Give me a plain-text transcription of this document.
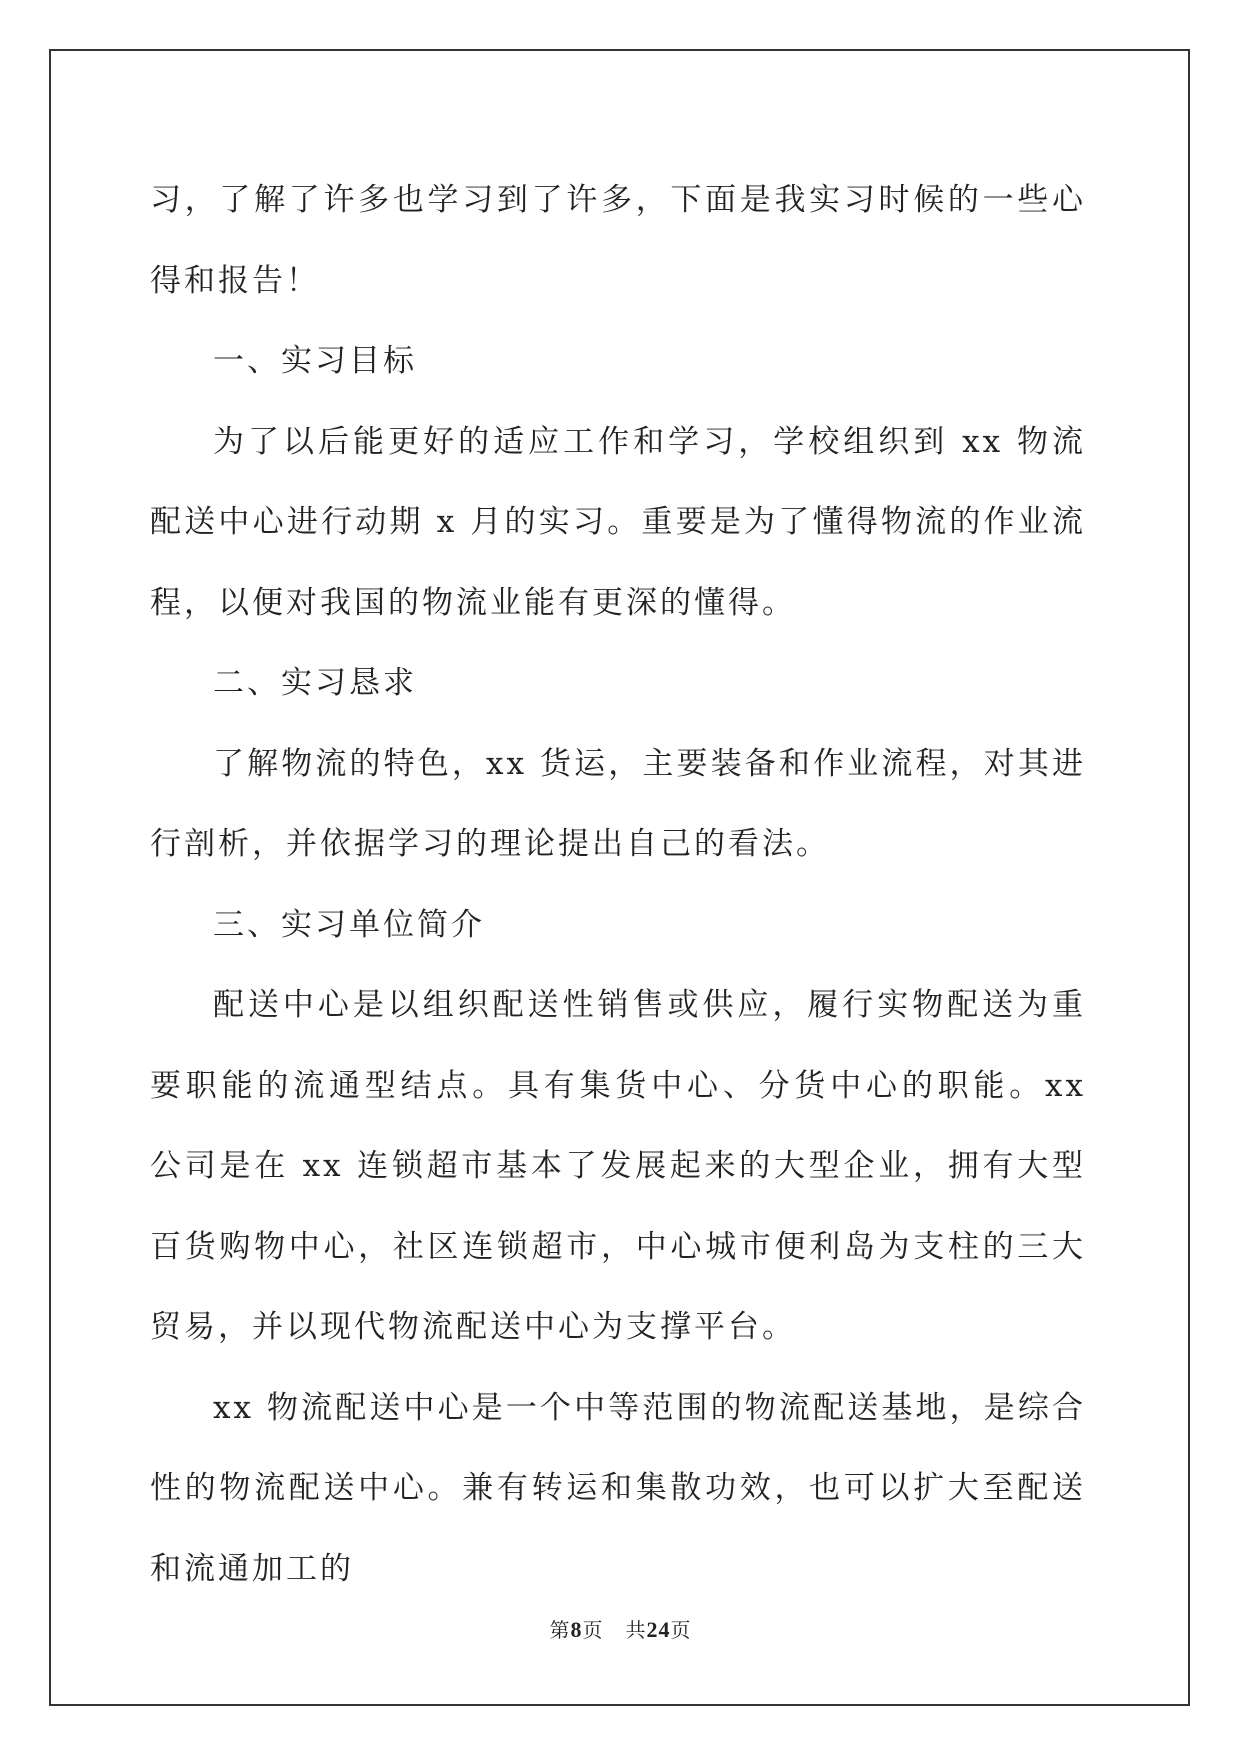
习，了解了许多也学习到了许多，下面是我实习时候的一些心得和报告！

一、实习目标

为了以后能更好的适应工作和学习，学校组织到 xx 物流配送中心进行动期 x 月的实习。重要是为了懂得物流的作业流程，以便对我国的物流业能有更深的懂得。

二、实习恳求

了解物流的特色，xx 货运，主要装备和作业流程，对其进行剖析，并依据学习的理论提出自己的看法。

三、实习单位简介

配送中心是以组织配送性销售或供应，履行实物配送为重要职能的流通型结点。具有集货中心、分货中心的职能。xx 公司是在 xx 连锁超市基本了发展起来的大型企业，拥有大型百货购物中心，社区连锁超市，中心城市便利岛为支柱的三大贸易，并以现代物流配送中心为支撑平台。

xx 物流配送中心是一个中等范围的物流配送基地，是综合性的物流配送中心。兼有转运和集散功效，也可以扩大至配送和流通加工的

第8页 共24页
